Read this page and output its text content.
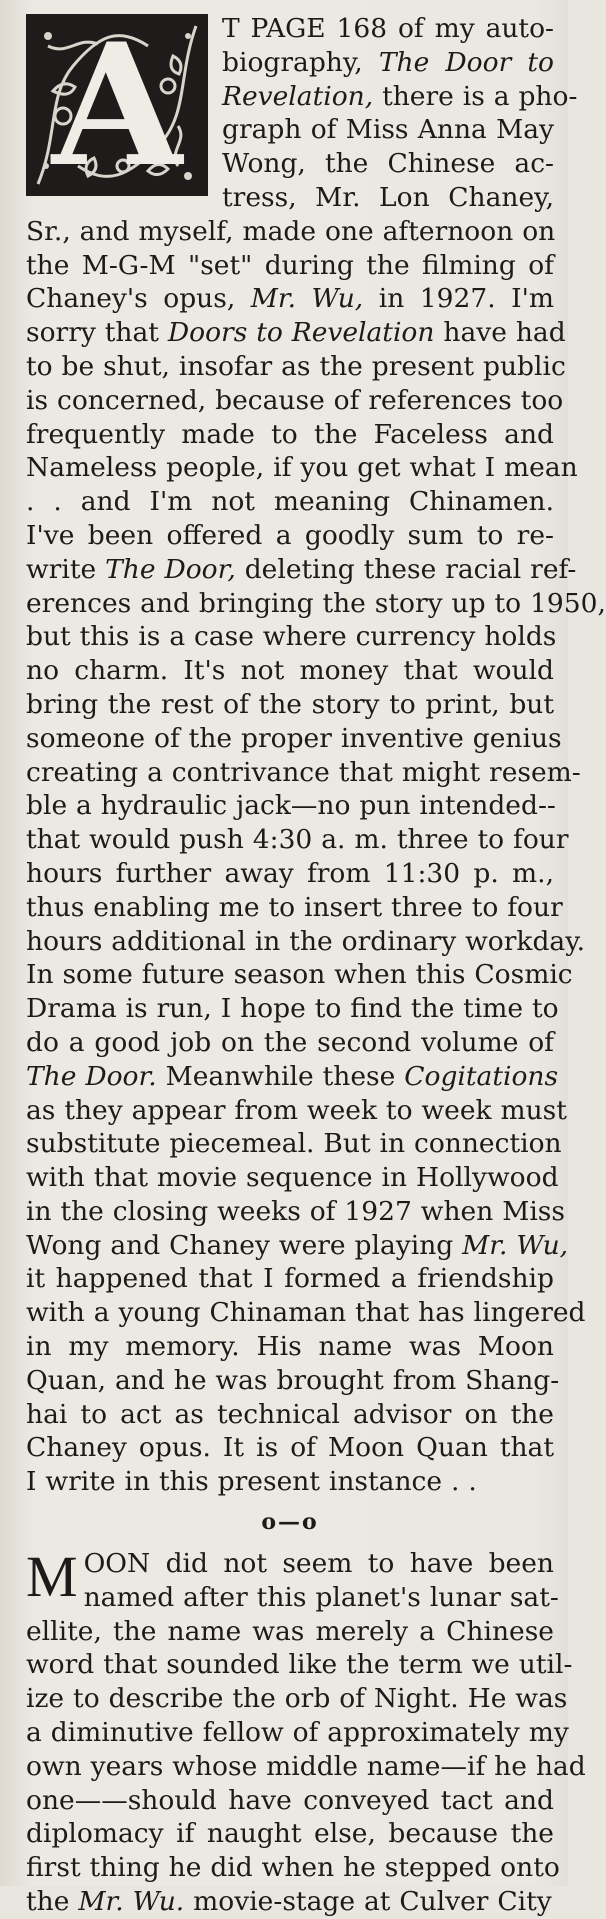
A	T PAGE 168 of my auto-
biography, The Door to
Revelation, there is a pho-
graph of Miss Anna May
Wong, the Chinese ac-
tress, Mr. Lon Chaney,
Sr., and myself, made one afternoon on
the M-G-M "set" during the filming of
Chaney's opus, Mr. Wu, in 1927. I'm
sorry that Doors to Revelation have had
to be shut, insofar as the present public
is concerned, because of references too
frequently made to the Faceless and
Nameless people, if you get what I mean
. . and I'm not meaning Chinamen.
I've been offered a goodly sum to re-
write The Door, deleting these racial ref-
erences and bringing the story up to 1950,
but this is a case where currency holds
no charm. It's not money that would
bring the rest of the story to print, but
someone of the proper inventive genius
creating a contrivance that might resem-
ble a hydraulic jack—no pun intended--
that would push 4:30 a. m. three to four
hours further away from 11:30 p. m.,
thus enabling me to insert three to four
hours additional in the ordinary workday.
In some future season when this Cosmic
Drama is run, I hope to find the time to
do a good job on the second volume of
The Door. Meanwhile these Cogitations
as they appear from week to week must
substitute piecemeal. But in connection
with that movie sequence in Hollywood
in the closing weeks of 1927 when Miss
Wong and Chaney were playing Mr. Wu,
it happened that I formed a friendship
with a young Chinaman that has lingered
in my memory. His name was Moon
Quan, and he was brought from Shang-
hai to act as technical advisor on the
Chaney opus. It is of Moon Quan that
I write in this present instance . .
o—o
M OON did not seem to have been
named after this planet's lunar sat-
ellite, the name was merely a Chinese
word that sounded like the term we util-
ize to describe the orb of Night. He was
a diminutive fellow of approximately my
own years whose middle name—if he had
one——should have conveyed tact and
diplomacy if naught else, because the
first thing he did when he stepped onto
the Mr. Wu. movie-stage at Culver City
